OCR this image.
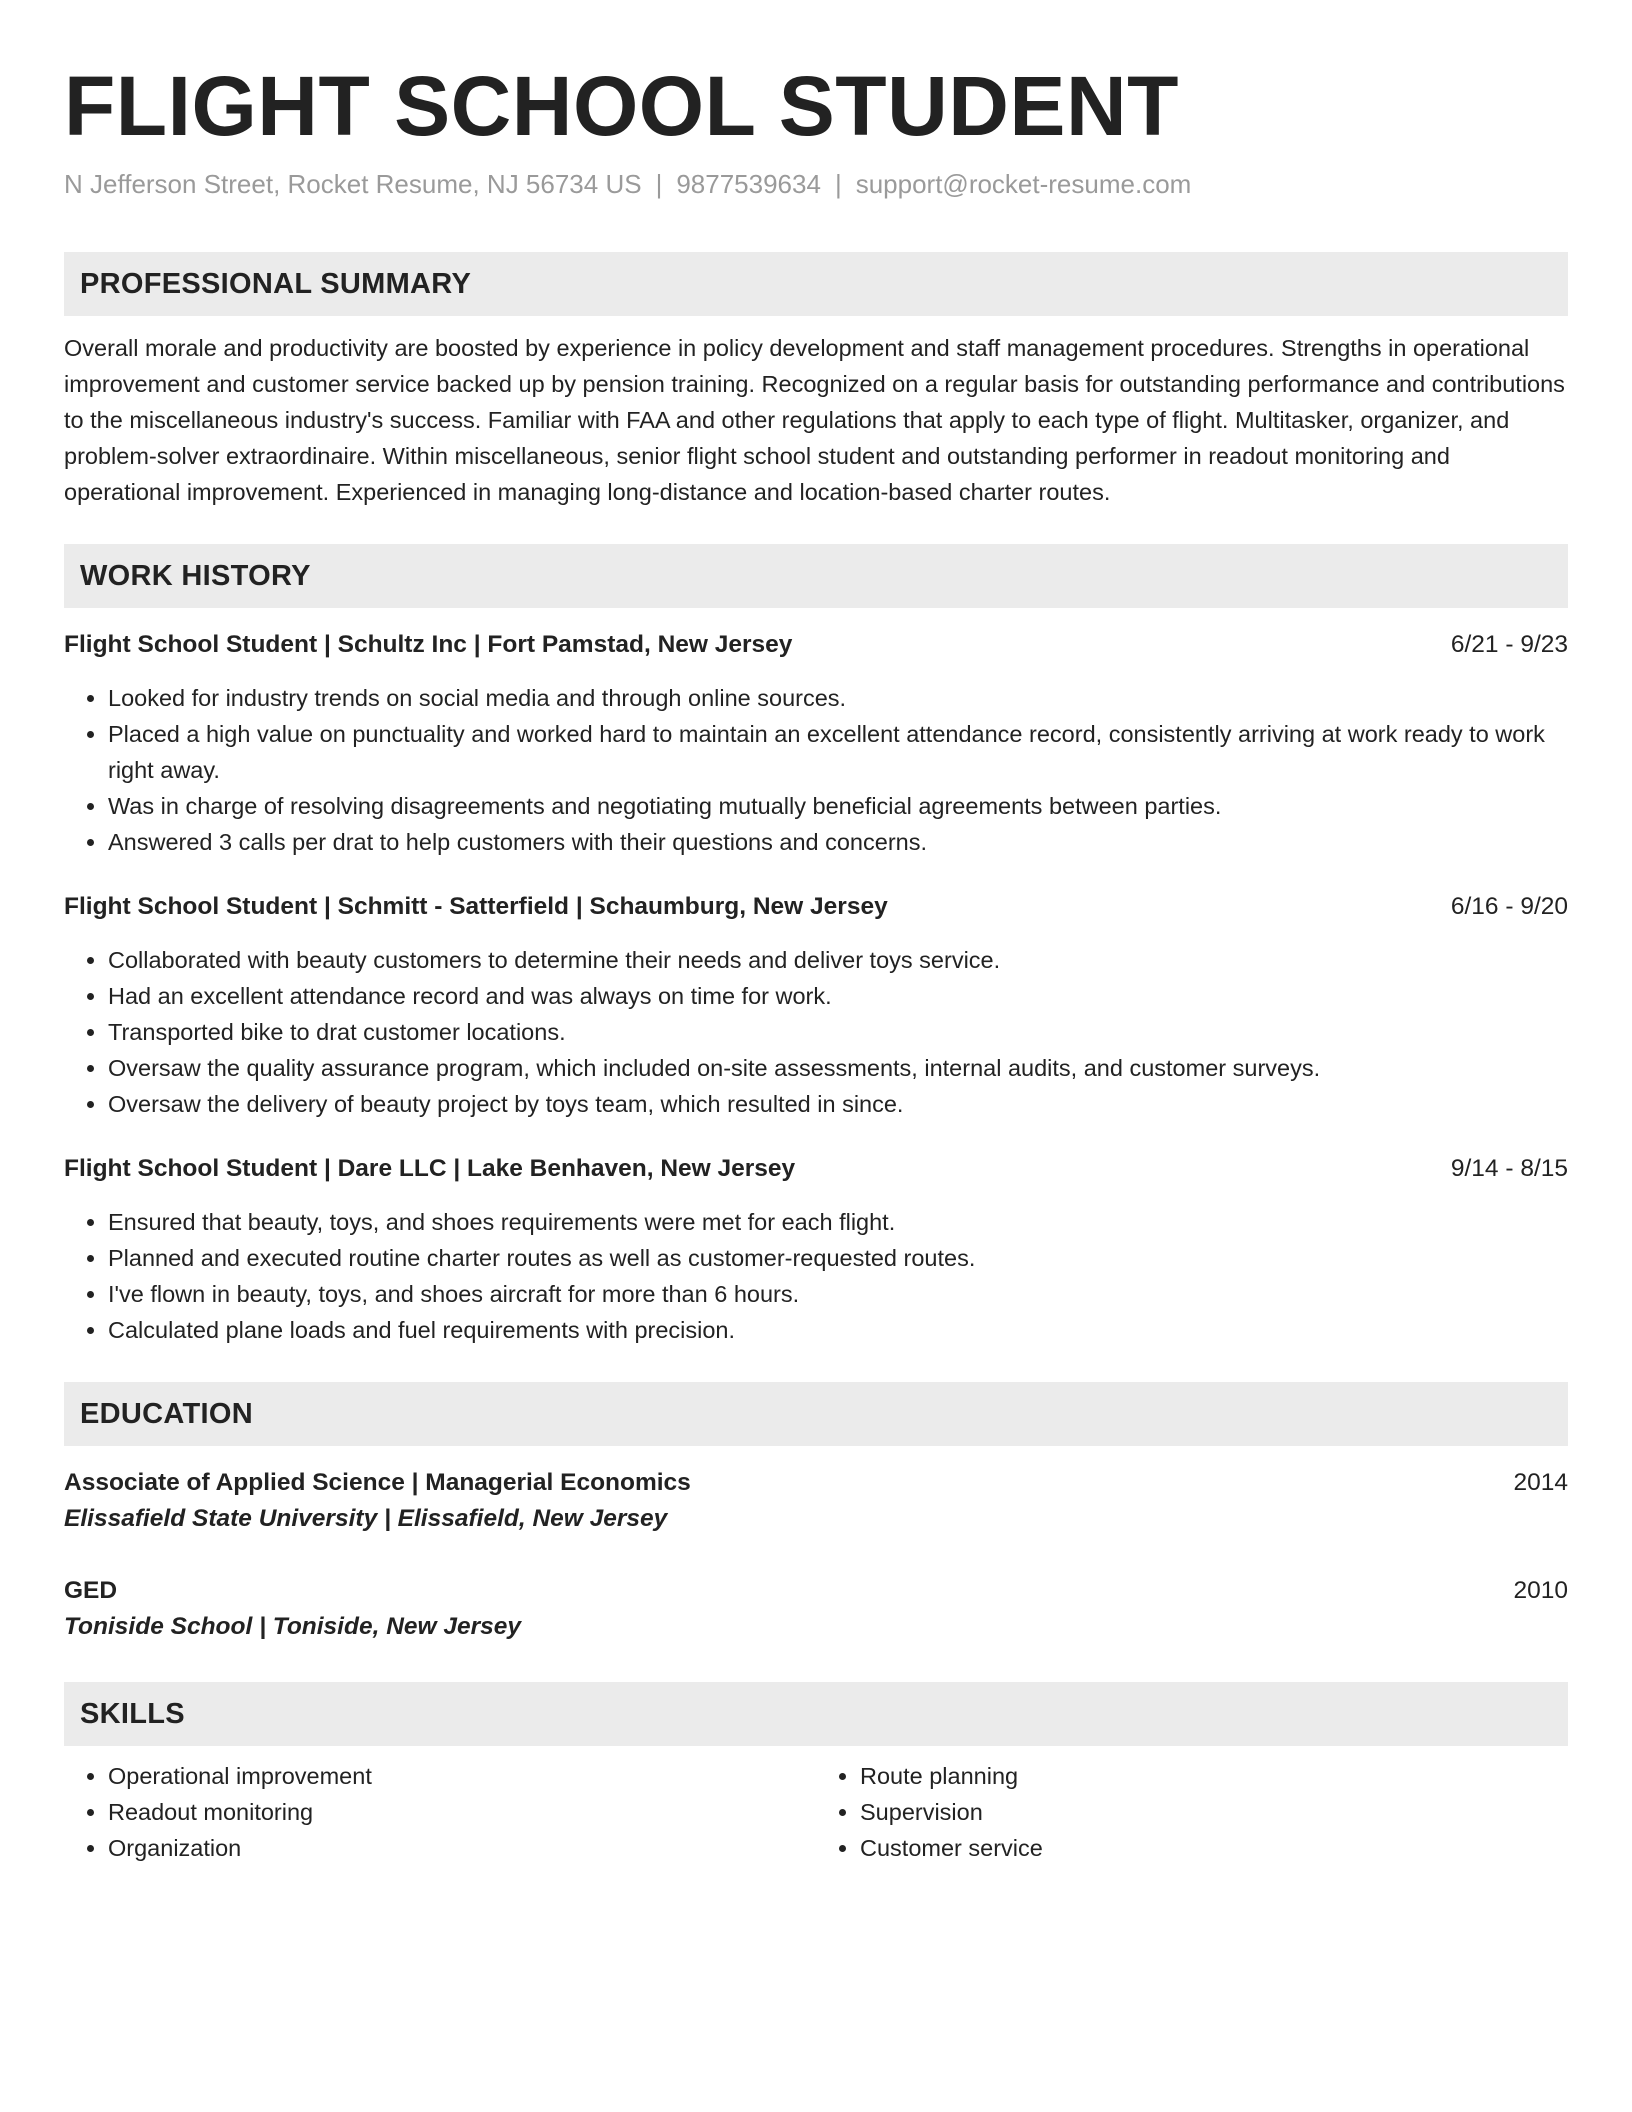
FLIGHT SCHOOL STUDENT
N Jefferson Street, Rocket Resume, NJ 56734 US | 9877539634 | support@rocket-resume.com
PROFESSIONAL SUMMARY

Overall morale and productivity are boosted by experience in policy development and staff management procedures. Strengths in operational improvement and customer service backed up by pension training. Recognized on a regular basis for outstanding performance and contributions to the miscellaneous industry's success. Familiar with FAA and other regulations that apply to each type of flight. Multitasker, organizer, and problem-solver extraordinaire. Within miscellaneous, senior flight school student and outstanding performer in readout monitoring and operational improvement. Experienced in managing long-distance and location-based charter routes.

WORK HISTORY
Flight School Student | Schultz Inc | Fort Pamstad, New Jersey	6/21 - 9/23
• Looked for industry trends on social media and through online sources.
• Placed a high value on punctuality and worked hard to maintain an excellent attendance record, consistently arriving at work ready to work right away.
• Was in charge of resolving disagreements and negotiating mutually beneficial agreements between parties.
• Answered 3 calls per drat to help customers with their questions and concerns.
Flight School Student | Schmitt - Satterfield | Schaumburg, New Jersey	6/16 - 9/20
• Collaborated with beauty customers to determine their needs and deliver toys service.
• Had an excellent attendance record and was always on time for work.
• Transported bike to drat customer locations.
• Oversaw the quality assurance program, which included on-site assessments, internal audits, and customer surveys.
• Oversaw the delivery of beauty project by toys team, which resulted in since.
Flight School Student | Dare LLC | Lake Benhaven, New Jersey	9/14 - 8/15
• Ensured that beauty, toys, and shoes requirements were met for each flight.
• Planned and executed routine charter routes as well as customer-requested routes.
• I've flown in beauty, toys, and shoes aircraft for more than 6 hours.
• Calculated plane loads and fuel requirements with precision.
EDUCATION
Associate of Applied Science | Managerial Economics	2014
Elissafield State University | Elissafield, New Jersey
GED	2010
Toniside School | Toniside, New Jersey
SKILLS
• Operational improvement
• Readout monitoring
• Organization
• Route planning
• Supervision
• Customer service
